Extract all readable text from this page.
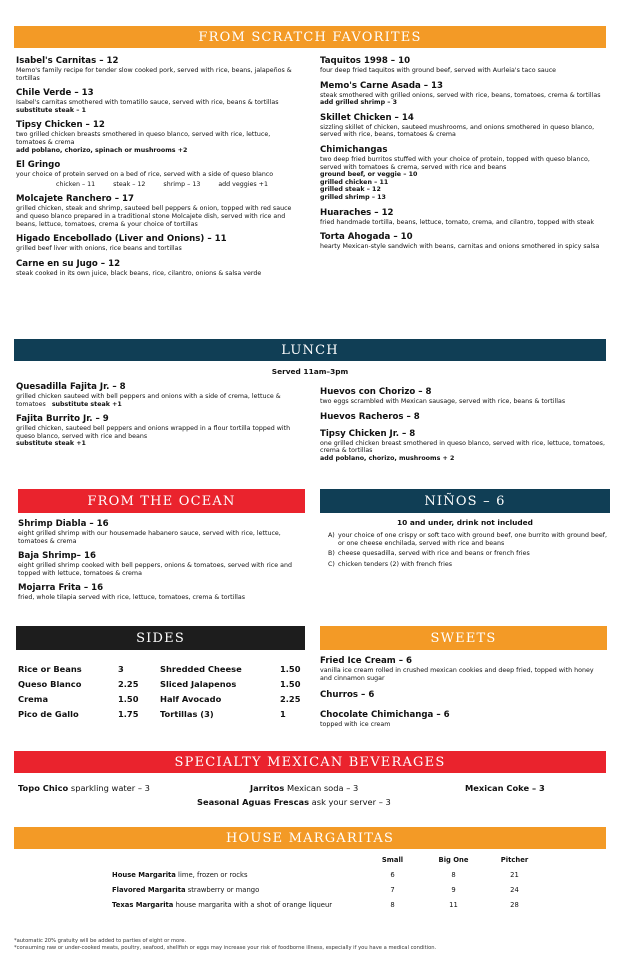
FROM SCRATCH FAVORITES
Isabel's Carnitas – 12
Memo's family recipe for tender slow cooked pork, served with rice, beans, jalapeños & tortillas
Chile Verde – 13
Isabel's carnitas smothered with tomatillo sauce, served with rice, beans & tortillas
substitute steak – 1
Tipsy Chicken – 12
two grilled chicken breasts smothered in queso blanco, served with rice, lettuce, tomatoes & crema
add poblano, chorizo, spinach or mushrooms +2
El Gringo
your choice of protein served on a bed of rice, served with a side of queso blanco
chicken – 11	steak – 12	shrimp – 13	add veggies +1
Molcajete Ranchero – 17
grilled chicken, steak and shrimp, sauteed bell peppers & onion, topped with red sauce and queso blanco prepared in a traditional stone Molcajete dish, served with rice and beans, lettuce, tomatoes, crema & your choice of tortillas
Higado Encebollado (Liver and Onions) – 11
grilled beef liver with onions, rice beans and tortillas
Carne en su Jugo – 12
steak cooked in its own juice, black beans, rice, cilantro, onions & salsa verde
Taquitos 1998 – 10
four deep fried taquitos with ground beef, served with Aurleia's taco sauce
Memo's Carne Asada – 13
steak smothered with grilled onions, served with rice, beans, tomatoes, crema & tortillas
add grilled shrimp – 3
Skillet Chicken – 14
sizzling skillet of chicken, sauteed mushrooms, and onions smothered in queso blanco, served with rice, beans, tomatoes & crema
Chimichangas
two deep fried burritos stuffed with your choice of protein, topped with queso blanco, served with tomatoes & crema, served with rice and beans
ground beef, or veggie – 10
grilled chicken – 11
grilled steak – 12
grilled shrimp – 13
Huaraches – 12
fried handmade tortilla, beans, lettuce, tomato, crema, and cilantro, topped with steak
Torta Ahogada – 10
hearty Mexican-style sandwich with beans, carnitas and onions smothered in spicy salsa
LUNCH
Served 11am–3pm
Quesadilla Fajita Jr. – 8
grilled chicken sauteed with bell peppers and onions with a side of crema, lettuce & tomatoes substitute steak +1
Fajita Burrito Jr. – 9
grilled chicken, sauteed bell peppers and onions wrapped in a flour tortilla topped with queso blanco, served with rice and beans
substitute steak +1
Huevos con Chorizo – 8
two eggs scrambled with Mexican sausage, served with rice, beans & tortillas
Huevos Racheros – 8
Tipsy Chicken Jr. – 8
one grilled chicken breast smothered in queso blanco, served with rice, lettuce, tomatoes, crema & tortillas
add poblano, chorizo, mushrooms + 2
FROM THE OCEAN
Shrimp Diabla – 16
eight grilled shrimp with our housemade habanero sauce, served with rice, lettuce, tomatoes & crema
Baja Shrimp– 16
eight grilled shrimp cooked with bell peppers, onions & tomatoes, served with rice and topped with lettuce, tomatoes & crema
Mojarra Frita – 16
fried, whole tilapia served with rice, lettuce, tomatoes, crema & tortillas
NIÑOS – 6
10 and under, drink not included
A) your choice of one crispy or soft taco with ground beef, one burrito with ground beef, or one cheese enchilada, served with rice and beans
B) cheese quesadilla, served with rice and beans or french fries
C) chicken tenders (2) with french fries
SIDES
Rice or Beans	3
Queso Blanco	2.25
Crema	1.50
Pico de Gallo	1.75
Shredded Cheese	1.50
Sliced Jalapenos	1.50
Half Avocado	2.25
Tortillas (3)	1
SWEETS
Fried Ice Cream – 6
vanilla ice cream rolled in crushed mexican cookies and deep fried, topped with honey and cinnamon sugar
Churros – 6
Chocolate Chimichanga – 6
topped with ice cream
SPECIALTY MEXICAN BEVERAGES
Topo Chico sparkling water – 3	Jarritos Mexican soda – 3	Mexican Coke – 3
Seasonal Aguas Frescas ask your server – 3
HOUSE MARGARITAS
Small	Big One	Pitcher
House Margarita lime, frozen or rocks	6	8	21
Flavored Margarita strawberry or mango	7	9	24
Texas Margarita house margarita with a shot of orange liqueur	8	11	28
*automatic 20% gratuity will be added to parties of eight or more.
*consuming raw or under-cooked meats, poultry, seafood, shellfish or eggs may increase your risk of foodborne illness, especially if you have a medical condition.
